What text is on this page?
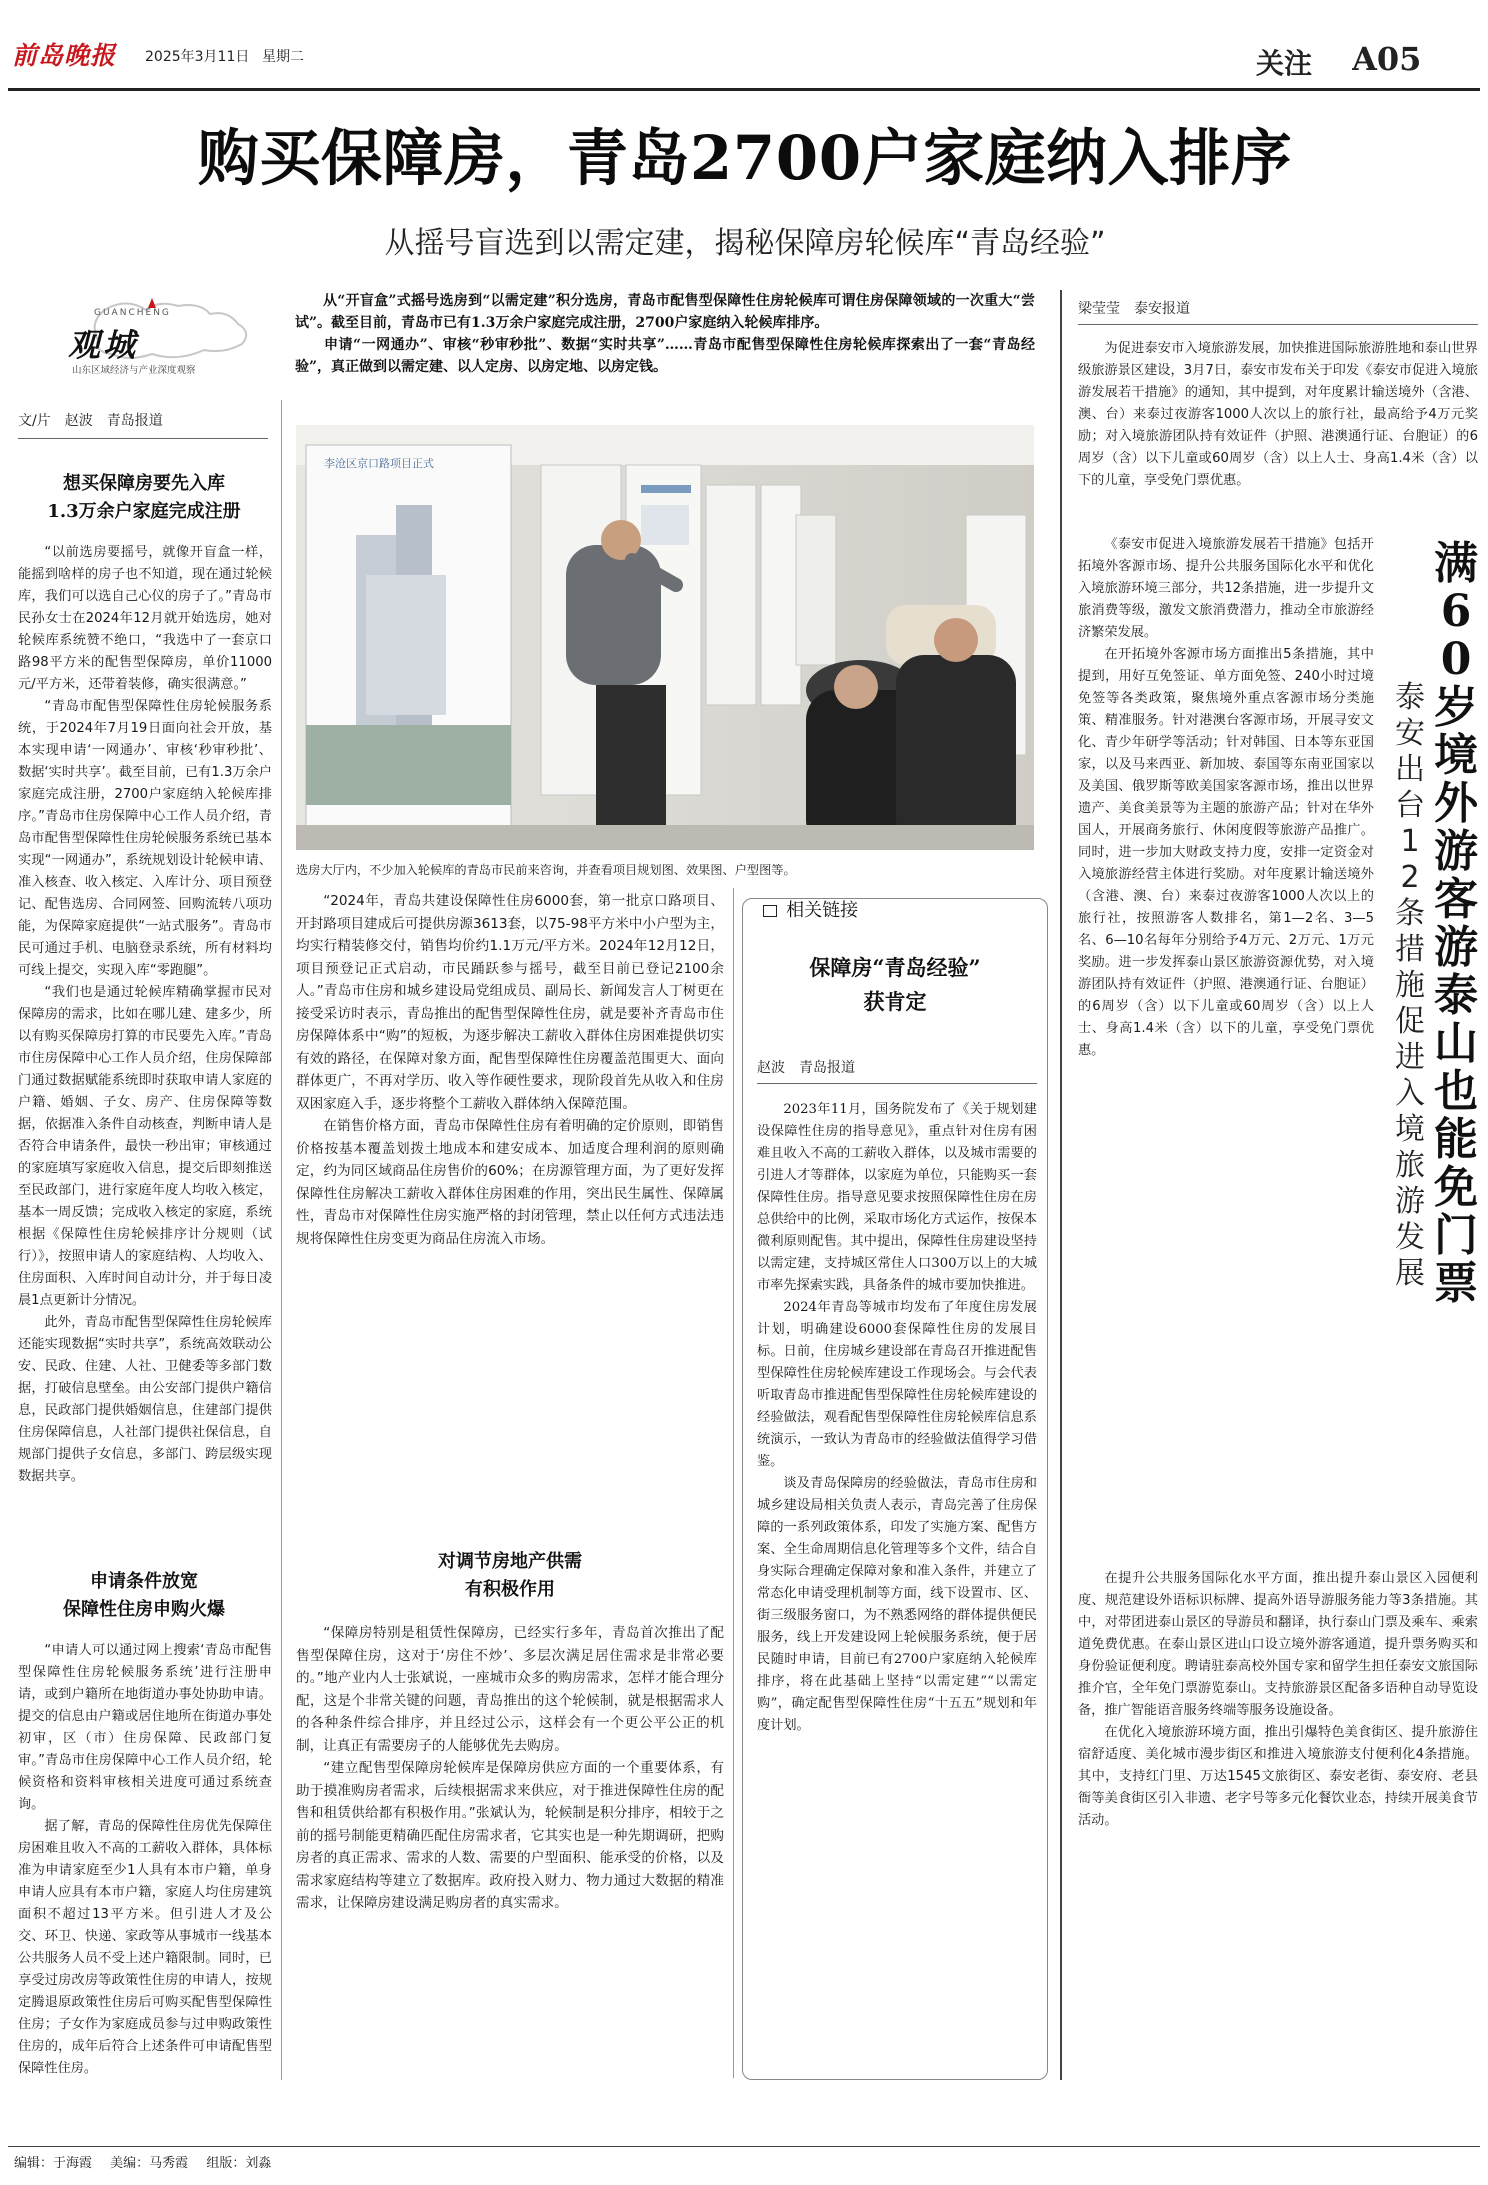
前岛晚报	2025年3月11日 星期二	关注	A05
购买保障房，青岛2700户家庭纳入排序
从摇号盲选到以需定建，揭秘保障房轮候库“青岛经验”
GUANCHENG
观城
山东区域经济与产业深度观察
文/片　赵波　青岛报道
从“开盲盒”式摇号选房到“以需定建”积分选房，青岛市配售型保障性住房轮候库可谓住房保障领域的一次重大“尝试”。截至目前，青岛市已有1.3万余户家庭完成注册，2700户家庭纳入轮候库排序。
　　申请“一网通办”、审核“秒审秒批”、数据“实时共享”……青岛市配售型保障性住房轮候库探索出了一套“青岛经验”，真正做到以需定建、以人定房、以房定地、以房定钱。
李沧区京口路项目正式
选房大厅内，不少加入轮候库的青岛市民前来咨询，并查看项目规划图、效果图、户型图等。
想买保障房要先入库
1.3万余户家庭完成注册

“以前选房要摇号，就像开盲盒一样，能摇到啥样的房子也不知道，现在通过轮候库，我们可以选自己心仪的房子了。”青岛市民孙女士在2024年12月就开始选房，她对轮候库系统赞不绝口，“我选中了一套京口路98平方米的配售型保障房，单价11000元/平方米，还带着装修，确实很满意。”

“青岛市配售型保障性住房轮候服务系统，于2024年7月19日面向社会开放，基本实现申请‘一网通办’、审核‘秒审秒批’、数据‘实时共享’。截至目前，已有1.3万余户家庭完成注册，2700户家庭纳入轮候库排序。”青岛市住房保障中心工作人员介绍，青岛市配售型保障性住房轮候服务系统已基本实现“一网通办”，系统规划设计轮候申请、准入核查、收入核定、入库计分、项目预登记、配售选房、合同网签、回购流转八项功能，为保障家庭提供“一站式服务”。青岛市民可通过手机、电脑登录系统，所有材料均可线上提交，实现入库“零跑腿”。

“我们也是通过轮候库精确掌握市民对保障房的需求，比如在哪儿建、建多少，所以有购买保障房打算的市民要先入库。”青岛市住房保障中心工作人员介绍，住房保障部门通过数据赋能系统即时获取申请人家庭的户籍、婚姻、子女、房产、住房保障等数据，依据准入条件自动核查，判断申请人是否符合申请条件，最快一秒出审；审核通过的家庭填写家庭收入信息，提交后即刻推送至民政部门，进行家庭年度人均收入核定，基本一周反馈；完成收入核定的家庭，系统根据《保障性住房轮候排序计分规则（试行）》，按照申请人的家庭结构、人均收入、住房面积、入库时间自动计分，并于每日凌晨1点更新计分情况。

此外，青岛市配售型保障性住房轮候库还能实现数据“实时共享”，系统高效联动公安、民政、住建、人社、卫健委等多部门数据，打破信息壁垒。由公安部门提供户籍信息，民政部门提供婚姻信息，住建部门提供住房保障信息，人社部门提供社保信息，自规部门提供子女信息，多部门、跨层级实现数据共享。

申请条件放宽
保障性住房申购火爆

“申请人可以通过网上搜索‘青岛市配售型保障性住房轮候服务系统’进行注册申请，或到户籍所在地街道办事处协助申请。提交的信息由户籍或居住地所在街道办事处初审，区（市）住房保障、民政部门复审。”青岛市住房保障中心工作人员介绍，轮候资格和资料审核相关进度可通过系统查询。

据了解，青岛的保障性住房优先保障住房困难且收入不高的工薪收入群体，具体标准为申请家庭至少1人具有本市户籍，单身申请人应具有本市户籍，家庭人均住房建筑面积不超过13平方米。但引进人才及公交、环卫、快递、家政等从事城市一线基本公共服务人员不受上述户籍限制。同时，已享受过房改房等政策性住房的申请人，按规定腾退原政策性住房后可购买配售型保障性住房；子女作为家庭成员参与过申购政策性住房的，成年后符合上述条件可申请配售型保障性住房。

“2024年，青岛共建设保障性住房6000套，第一批京口路项目、开封路项目建成后可提供房源3613套，以75-98平方米中小户型为主，均实行精装修交付，销售均价约1.1万元/平方米。2024年12月12日，项目预登记正式启动，市民踊跃参与摇号，截至目前已登记2100余人。”青岛市住房和城乡建设局党组成员、副局长、新闻发言人丁树更在接受采访时表示，青岛推出的配售型保障性住房，就是要补齐青岛市住房保障体系中“购”的短板，为逐步解决工薪收入群体住房困难提供切实有效的路径，在保障对象方面，配售型保障性住房覆盖范围更大、面向群体更广，不再对学历、收入等作硬性要求，现阶段首先从收入和住房双困家庭入手，逐步将整个工薪收入群体纳入保障范围。

在销售价格方面，青岛市保障性住房有着明确的定价原则，即销售价格按基本覆盖划拨土地成本和建安成本、加适度合理利润的原则确定，约为同区域商品住房售价的60%；在房源管理方面，为了更好发挥保障性住房解决工薪收入群体住房困难的作用，突出民生属性、保障属性，青岛市对保障性住房实施严格的封闭管理，禁止以任何方式违法违规将保障性住房变更为商品住房流入市场。

对调节房地产供需
有积极作用

“保障房特别是租赁性保障房，已经实行多年，青岛首次推出了配售型保障住房，这对于‘房住不炒’、多层次满足居住需求是非常必要的。”地产业内人士张斌说，一座城市众多的购房需求，怎样才能合理分配，这是个非常关键的问题，青岛推出的这个轮候制，就是根据需求人的各种条件综合排序，并且经过公示，这样会有一个更公平公正的机制，让真正有需要房子的人能够优先去购房。

“建立配售型保障房轮候库是保障房供应方面的一个重要体系，有助于摸准购房者需求，后续根据需求来供应，对于推进保障性住房的配售和租赁供给都有积极作用。”张斌认为，轮候制是积分排序，相较于之前的摇号制能更精确匹配住房需求者，它其实也是一种先期调研，把购房者的真正需求、需求的人数、需要的户型面积、能承受的价格，以及需求家庭结构等建立了数据库。政府投入财力、物力通过大数据的精准需求，让保障房建设满足购房者的真实需求。

相关链接
保障房“青岛经验”
获肯定
赵波　青岛报道

2023年11月，国务院发布了《关于规划建设保障性住房的指导意见》，重点针对住房有困难且收入不高的工薪收入群体，以及城市需要的引进人才等群体，以家庭为单位，只能购买一套保障性住房。指导意见要求按照保障性住房在房总供给中的比例，采取市场化方式运作，按保本微利原则配售。其中提出，保障性住房建设坚持以需定建，支持城区常住人口300万以上的大城市率先探索实践，具备条件的城市要加快推进。

2024年青岛等城市均发布了年度住房发展计划，明确建设6000套保障性住房的发展目标。日前，住房城乡建设部在青岛召开推进配售型保障性住房轮候库建设工作现场会。与会代表听取青岛市推进配售型保障性住房轮候库建设的经验做法，观看配售型保障性住房轮候库信息系统演示，一致认为青岛市的经验做法值得学习借鉴。

谈及青岛保障房的经验做法，青岛市住房和城乡建设局相关负责人表示，青岛完善了住房保障的一系列政策体系，印发了实施方案、配售方案、全生命周期信息化管理等多个文件，结合自身实际合理确定保障对象和准入条件，并建立了常态化申请受理机制等方面，线下设置市、区、街三级服务窗口，为不熟悉网络的群体提供便民服务，线上开发建设网上轮候服务系统，便于居民随时申请，目前已有2700户家庭纳入轮候库排序，将在此基础上坚持“以需定建”“以需定购”，确定配售型保障性住房“十五五”规划和年度计划。

梁莹莹　泰安报道
满60岁境外游客游泰山也能免门票
泰安出台12条措施促进入境旅游发展

为促进泰安市入境旅游发展，加快推进国际旅游胜地和泰山世界级旅游景区建设，3月7日，泰安市发布关于印发《泰安市促进入境旅游发展若干措施》的通知，其中提到，对年度累计输送境外（含港、澳、台）来泰过夜游客1000人次以上的旅行社，最高给予4万元奖励；对入境旅游团队持有效证件（护照、港澳通行证、台胞证）的6周岁（含）以下儿童或60周岁（含）以上人士、身高1.4米（含）以下的儿童，享受免门票优惠。

《泰安市促进入境旅游发展若干措施》包括开拓境外客源市场、提升公共服务国际化水平和优化入境旅游环境三部分，共12条措施，进一步提升文旅消费等级，激发文旅消费潜力，推动全市旅游经济繁荣发展。

在开拓境外客源市场方面推出5条措施，其中提到，用好互免签证、单方面免签、240小时过境免签等各类政策，聚焦境外重点客源市场分类施策、精准服务。针对港澳台客源市场，开展寻安文化、青少年研学等活动；针对韩国、日本等东亚国家，以及马来西亚、新加坡、泰国等东南亚国家以及美国、俄罗斯等欧美国家客源市场，推出以世界遗产、美食美景等为主题的旅游产品；针对在华外国人，开展商务旅行、休闲度假等旅游产品推广。同时，进一步加大财政支持力度，安排一定资金对入境旅游经营主体进行奖励。对年度累计输送境外（含港、澳、台）来泰过夜游客1000人次以上的旅行社，按照游客人数排名，第1—2名、3—5名、6—10名每年分别给予4万元、2万元、1万元奖励。进一步发挥泰山景区旅游资源优势，对入境游团队持有效证件（护照、港澳通行证、台胞证）的6周岁（含）以下儿童或60周岁（含）以上人士、身高1.4米（含）以下的儿童，享受免门票优惠。

在提升公共服务国际化水平方面，推出提升泰山景区入园便利度、规范建设外语标识标牌、提高外语导游服务能力等3条措施。其中，对带团进泰山景区的导游员和翻译，执行泰山门票及乘车、乘索道免费优惠。在泰山景区进山口设立境外游客通道，提升票务购买和身份验证便利度。聘请驻泰高校外国专家和留学生担任泰安文旅国际推介官，全年免门票游览泰山。支持旅游景区配备多语种自动导览设备，推广智能语音服务终端等服务设施设备。

在优化入境旅游环境方面，推出引爆特色美食街区、提升旅游住宿舒适度、美化城市漫步街区和推进入境旅游支付便利化4条措施。其中，支持红门里、万达1545文旅街区、泰安老街、泰安府、老县衙等美食街区引入非遗、老字号等多元化餐饮业态，持续开展美食节活动。

编辑：于海霞 美编：马秀霞 组版：刘淼
